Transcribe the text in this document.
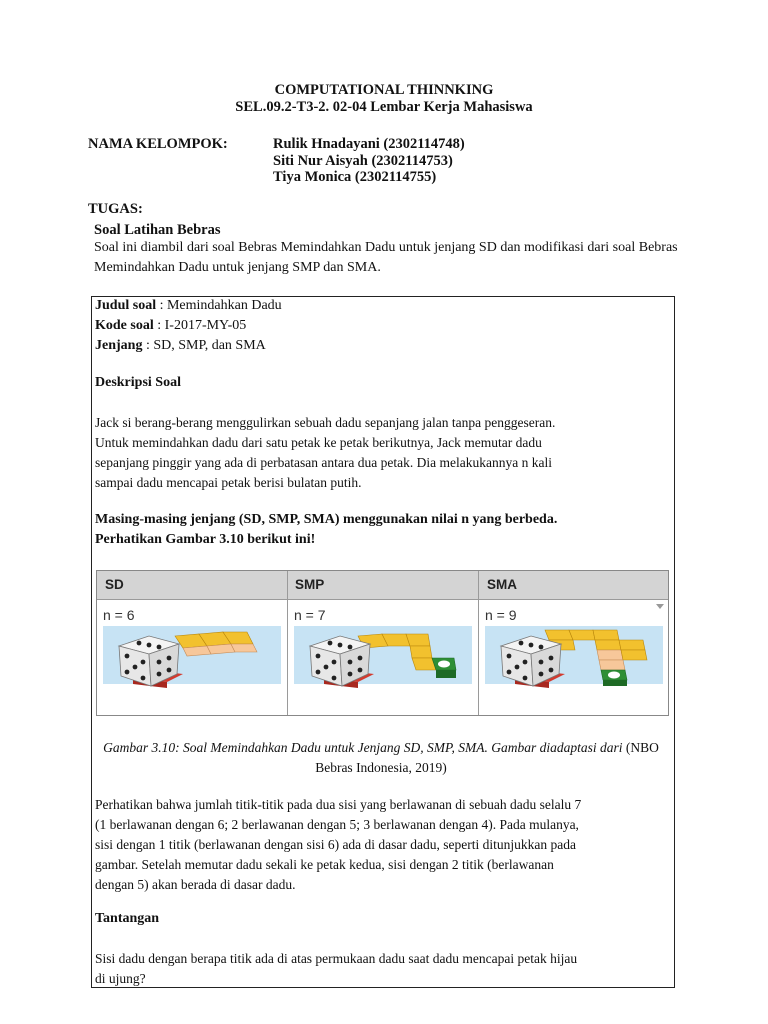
COMPUTATIONAL THINNKING
SEL.09.2-T3-2. 02-04 Lembar Kerja Mahasiswa
NAMA KELOMPOK:	Rulik Hnadayani (2302114748)
Siti Nur Aisyah (2302114753)
Tiya Monica (2302114755)
TUGAS:
Soal Latihan Bebras
Soal ini diambil dari soal Bebras Memindahkan Dadu untuk jenjang SD dan modifikasi dari soal Bebras Memindahkan Dadu untuk jenjang SMP dan SMA.
Judul soal : Memindahkan Dadu
Kode soal : I-2017-MY-05
Jenjang : SD, SMP, dan SMA
Deskripsi Soal
Jack si berang-berang menggulirkan sebuah dadu sepanjang jalan tanpa penggeseran.
Untuk memindahkan dadu dari satu petak ke petak berikutnya, Jack memutar dadu
sepanjang pinggir yang ada di perbatasan antara dua petak. Dia melakukannya n kali
sampai dadu mencapai petak berisi bulatan putih.
Masing-masing jenjang (SD, SMP, SMA) menggunakan nilai n yang berbeda.
Perhatikan Gambar 3.10 berikut ini!
SD	SMP	SMA
n = 6	n = 7	n = 9
Gambar 3.10: Soal Memindahkan Dadu untuk Jenjang SD, SMP, SMA. Gambar diadaptasi dari (NBO Bebras Indonesia, 2019)
Perhatikan bahwa jumlah titik-titik pada dua sisi yang berlawanan di sebuah dadu selalu 7
(1 berlawanan dengan 6; 2 berlawanan dengan 5; 3 berlawanan dengan 4). Pada mulanya,
sisi dengan 1 titik (berlawanan dengan sisi 6) ada di dasar dadu, seperti ditunjukkan pada
gambar. Setelah memutar dadu sekali ke petak kedua, sisi dengan 2 titik (berlawanan
dengan 5) akan berada di dasar dadu.
Tantangan
Sisi dadu dengan berapa titik ada di atas permukaan dadu saat dadu mencapai petak hijau
di ujung?
